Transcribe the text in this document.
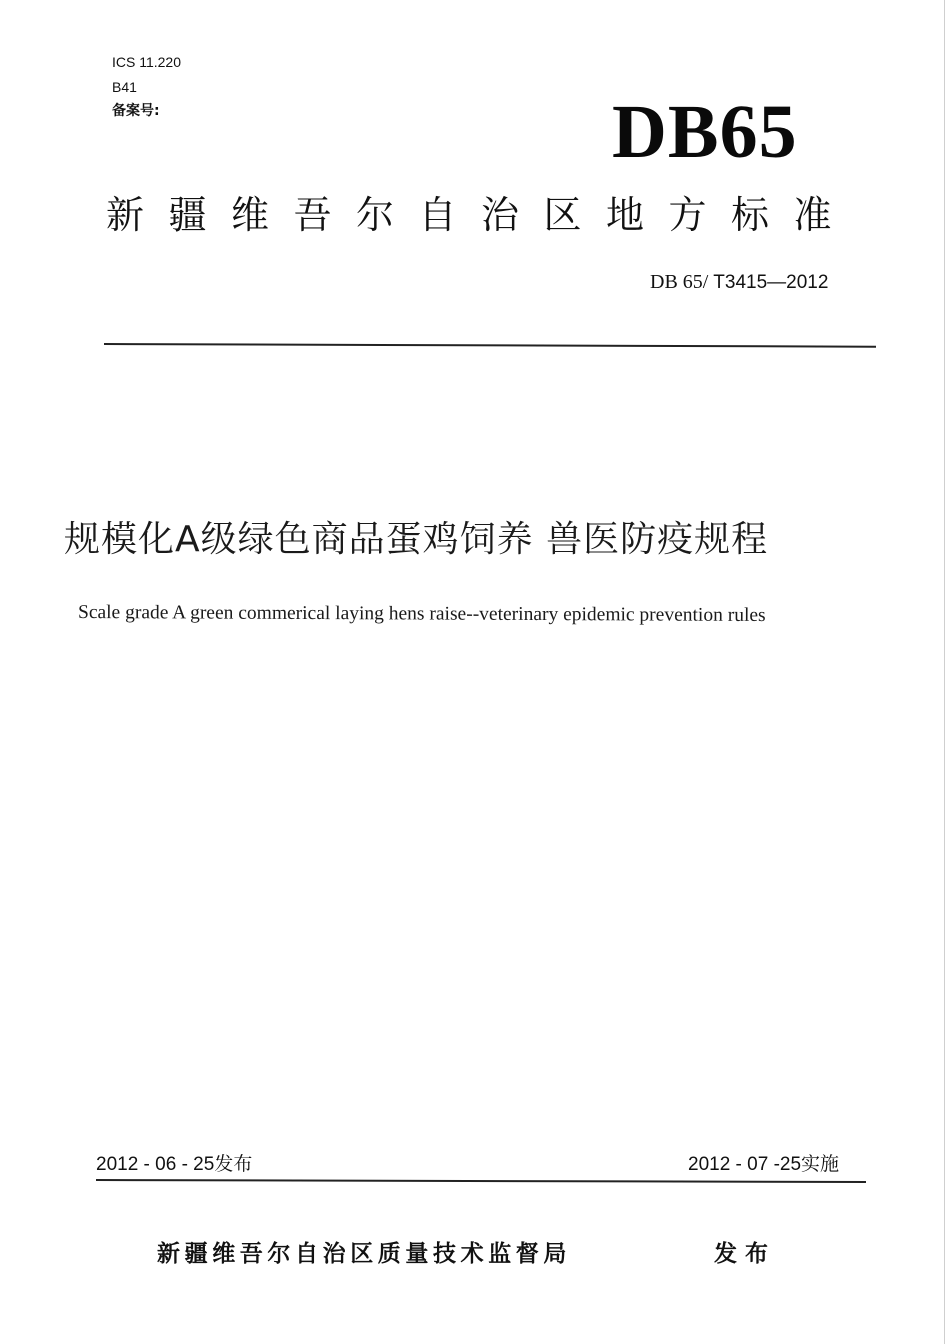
ICS 11.220
B41
备案号:	DB65
新疆维吾尔自治区地方标准
DB 65/ T3415—2012
规模化A级绿色商品蛋鸡饲养 兽医防疫规程
Scale grade A green commerical laying hens raise--veterinary epidemic prevention rules
2012 - 06 - 25发布	2012 - 07 -25实施
新疆维吾尔自治区质量技术监督局	发布
